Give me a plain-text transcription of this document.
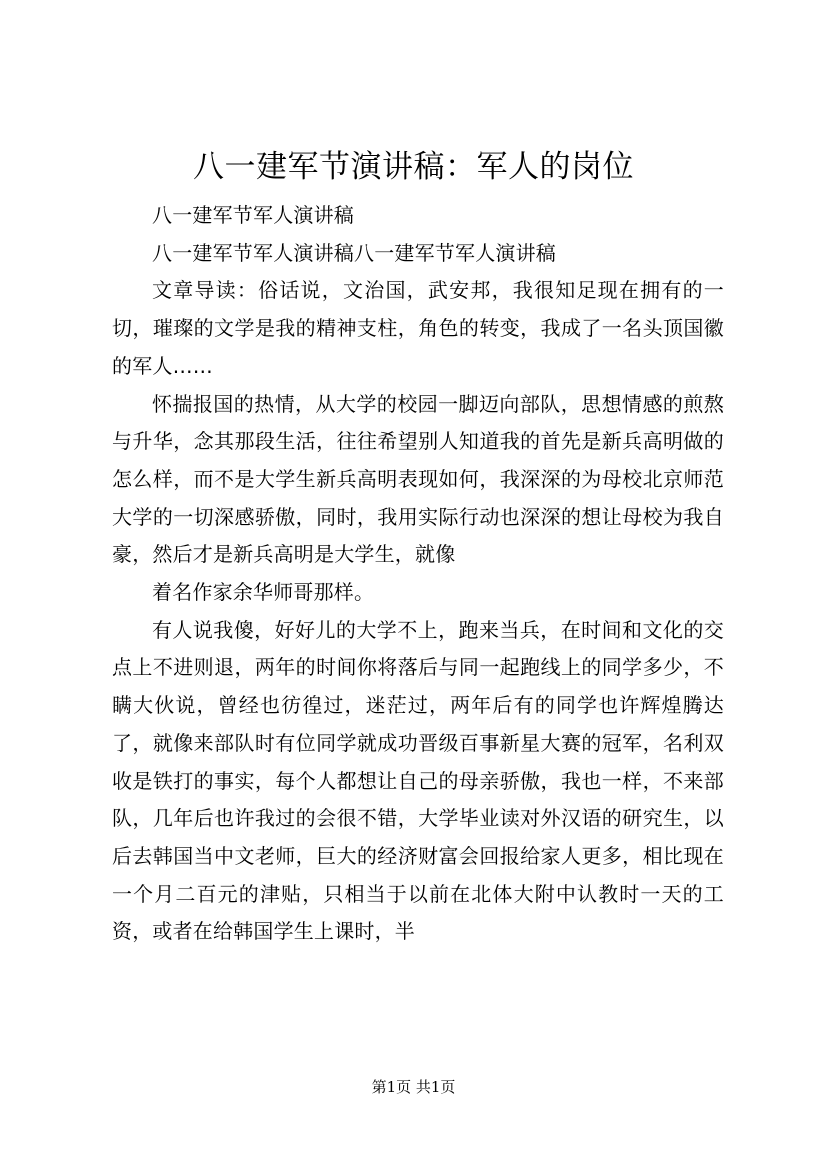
八一建军节演讲稿：军人的岗位

八一建军节军人演讲稿

八一建军节军人演讲稿八一建军节军人演讲稿

文章导读：俗话说，文治国，武安邦，我很知足现在拥有的一切，璀璨的文学是我的精神支柱，角色的转变，我成了一名头顶国徽的军人……

怀揣报国的热情，从大学的校园一脚迈向部队，思想情感的煎熬与升华，念其那段生活，往往希望别人知道我的首先是新兵高明做的怎么样，而不是大学生新兵高明表现如何，我深深的为母校北京师范大学的一切深感骄傲，同时，我用实际行动也深深的想让母校为我自豪，然后才是新兵高明是大学生，就像

着名作家余华师哥那样。

有人说我傻，好好儿的大学不上，跑来当兵，在时间和文化的交点上不进则退，两年的时间你将落后与同一起跑线上的同学多少，不瞒大伙说，曾经也彷徨过，迷茫过，两年后有的同学也许辉煌腾达了，就像来部队时有位同学就成功晋级百事新星大赛的冠军，名利双收是铁打的事实，每个人都想让自己的母亲骄傲，我也一样，不来部队，几年后也许我过的会很不错，大学毕业读对外汉语的研究生，以后去韩国当中文老师，巨大的经济财富会回报给家人更多，相比现在一个月二百元的津贴，只相当于以前在北体大附中认教时一天的工资，或者在给韩国学生上课时，半

第1页 共1页
